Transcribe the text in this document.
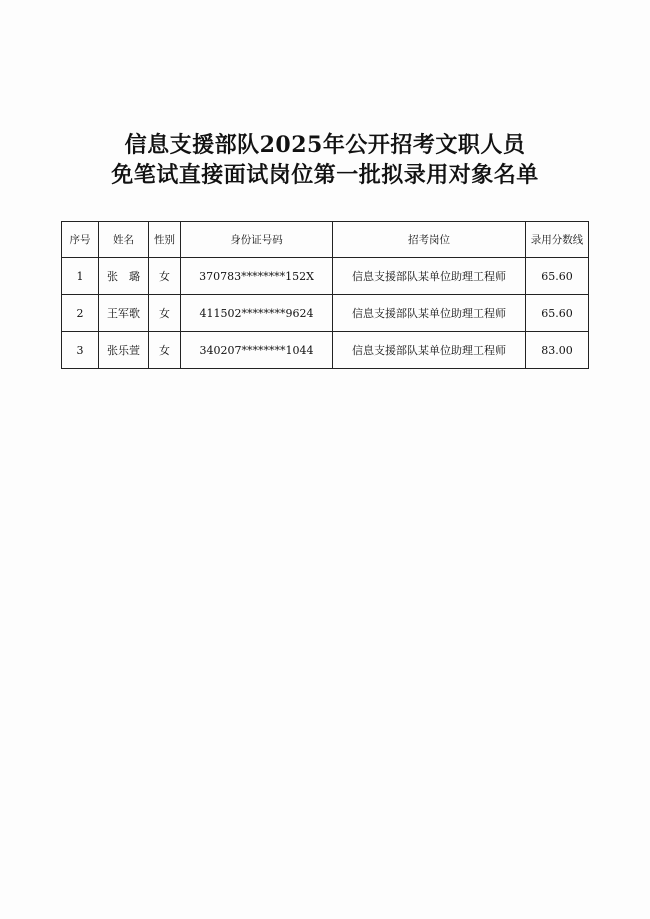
信息支援部队2025年公开招考文职人员
免笔试直接面试岗位第一批拟录用对象名单
序号	姓名	性别	身份证号码	招考岗位	录用分数线
1	张　璐	女	370783********152X	信息支援部队某单位助理工程师	65.60
2	王军歌	女	411502********9624	信息支援部队某单位助理工程师	65.60
3	张乐萱	女	340207********1044	信息支援部队某单位助理工程师	83.00
